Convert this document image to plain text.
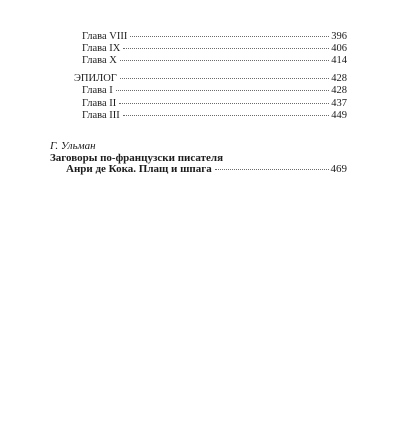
Глава VIII	396
Глава IX	406
Глава X	414
ЭПИЛОГ	428
Глава I	428
Глава II	437
Глава III	449
Г. Ульман
Заговоры по-французски писателя
Анри де Кока. Плащ и шпага	469
